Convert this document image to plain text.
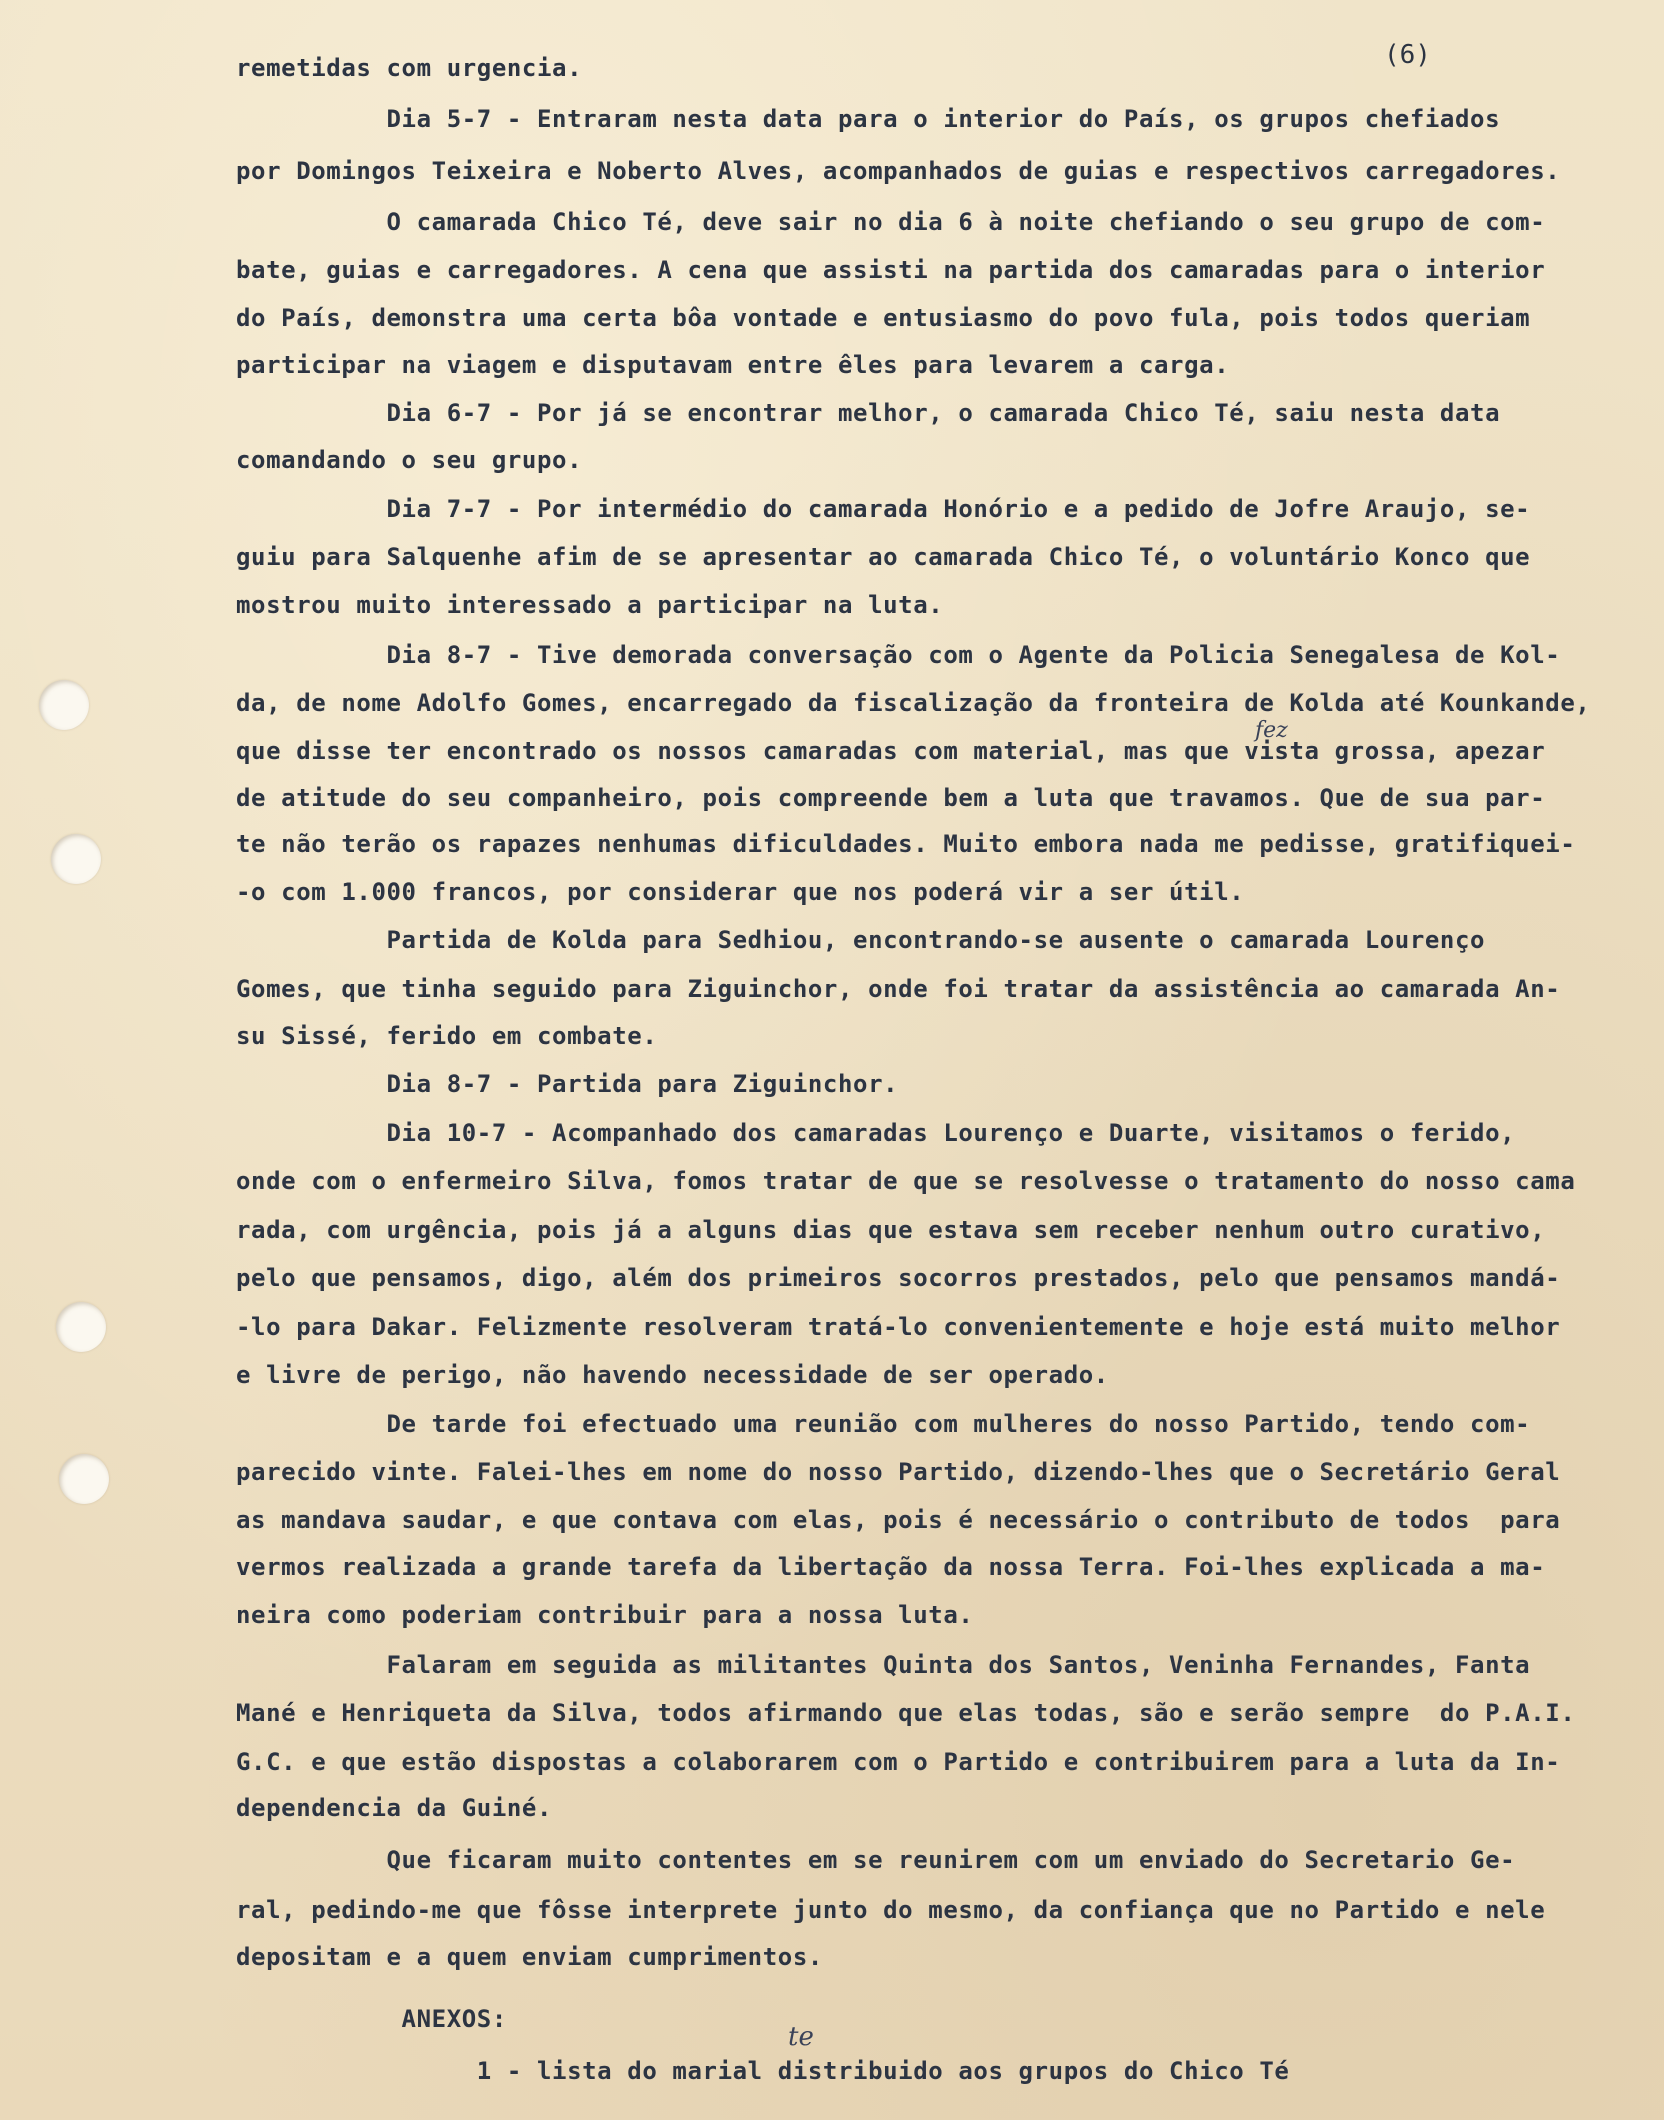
(6)
remetidas com urgencia.
Dia 5-7 - Entraram nesta data para o interior do País, os grupos chefiados
por Domingos Teixeira e Noberto Alves, acompanhados de guias e respectivos carregadores.
O camarada Chico Té, deve sair no dia 6 à noite chefiando o seu grupo de com-
bate, guias e carregadores. A cena que assisti na partida dos camaradas para o interior
do País, demonstra uma certa bôa vontade e entusiasmo do povo fula, pois todos queriam
participar na viagem e disputavam entre êles para levarem a carga.
Dia 6-7 - Por já se encontrar melhor, o camarada Chico Té, saiu nesta data
comandando o seu grupo.
Dia 7-7 - Por intermédio do camarada Honório e a pedido de Jofre Araujo, se-
guiu para Salquenhe afim de se apresentar ao camarada Chico Té, o voluntário Konco que
mostrou muito interessado a participar na luta.
Dia 8-7 - Tive demorada conversação com o Agente da Policia Senegalesa de Kol-
da, de nome Adolfo Gomes, encarregado da fiscalização da fronteira de Kolda até Kounkande,
que disse ter encontrado os nossos camaradas com material, mas que vista grossa, apezar
de atitude do seu companheiro, pois compreende bem a luta que travamos. Que de sua par-
te não terão os rapazes nenhumas dificuldades. Muito embora nada me pedisse, gratifiquei-
-o com 1.000 francos, por considerar que nos poderá vir a ser útil.
Partida de Kolda para Sedhiou, encontrando-se ausente o camarada Lourenço
Gomes, que tinha seguido para Ziguinchor, onde foi tratar da assistência ao camarada An-
su Sissé, ferido em combate.
Dia 8-7 - Partida para Ziguinchor.
Dia 10-7 - Acompanhado dos camaradas Lourenço e Duarte, visitamos o ferido,
onde com o enfermeiro Silva, fomos tratar de que se resolvesse o tratamento do nosso cama
rada, com urgência, pois já a alguns dias que estava sem receber nenhum outro curativo,
pelo que pensamos, digo, além dos primeiros socorros prestados, pelo que pensamos mandá-
-lo para Dakar. Felizmente resolveram tratá-lo convenientemente e hoje está muito melhor
e livre de perigo, não havendo necessidade de ser operado.
De tarde foi efectuado uma reunião com mulheres do nosso Partido, tendo com-
parecido vinte. Falei-lhes em nome do nosso Partido, dizendo-lhes que o Secretário Geral
as mandava saudar, e que contava com elas, pois é necessário o contributo de todos  para
vermos realizada a grande tarefa da libertação da nossa Terra. Foi-lhes explicada a ma-
neira como poderiam contribuir para a nossa luta.
Falaram em seguida as militantes Quinta dos Santos, Veninha Fernandes, Fanta
Mané e Henriqueta da Silva, todos afirmando que elas todas, são e serão sempre  do P.A.I.
G.C. e que estão dispostas a colaborarem com o Partido e contribuirem para a luta da In-
dependencia da Guiné.
Que ficaram muito contentes em se reunirem com um enviado do Secretario Ge-
ral, pedindo-me que fôsse interprete junto do mesmo, da confiança que no Partido e nele
depositam e a quem enviam cumprimentos.
ANEXOS:
1 - lista do marial distribuido aos grupos do Chico Té
fez
te
